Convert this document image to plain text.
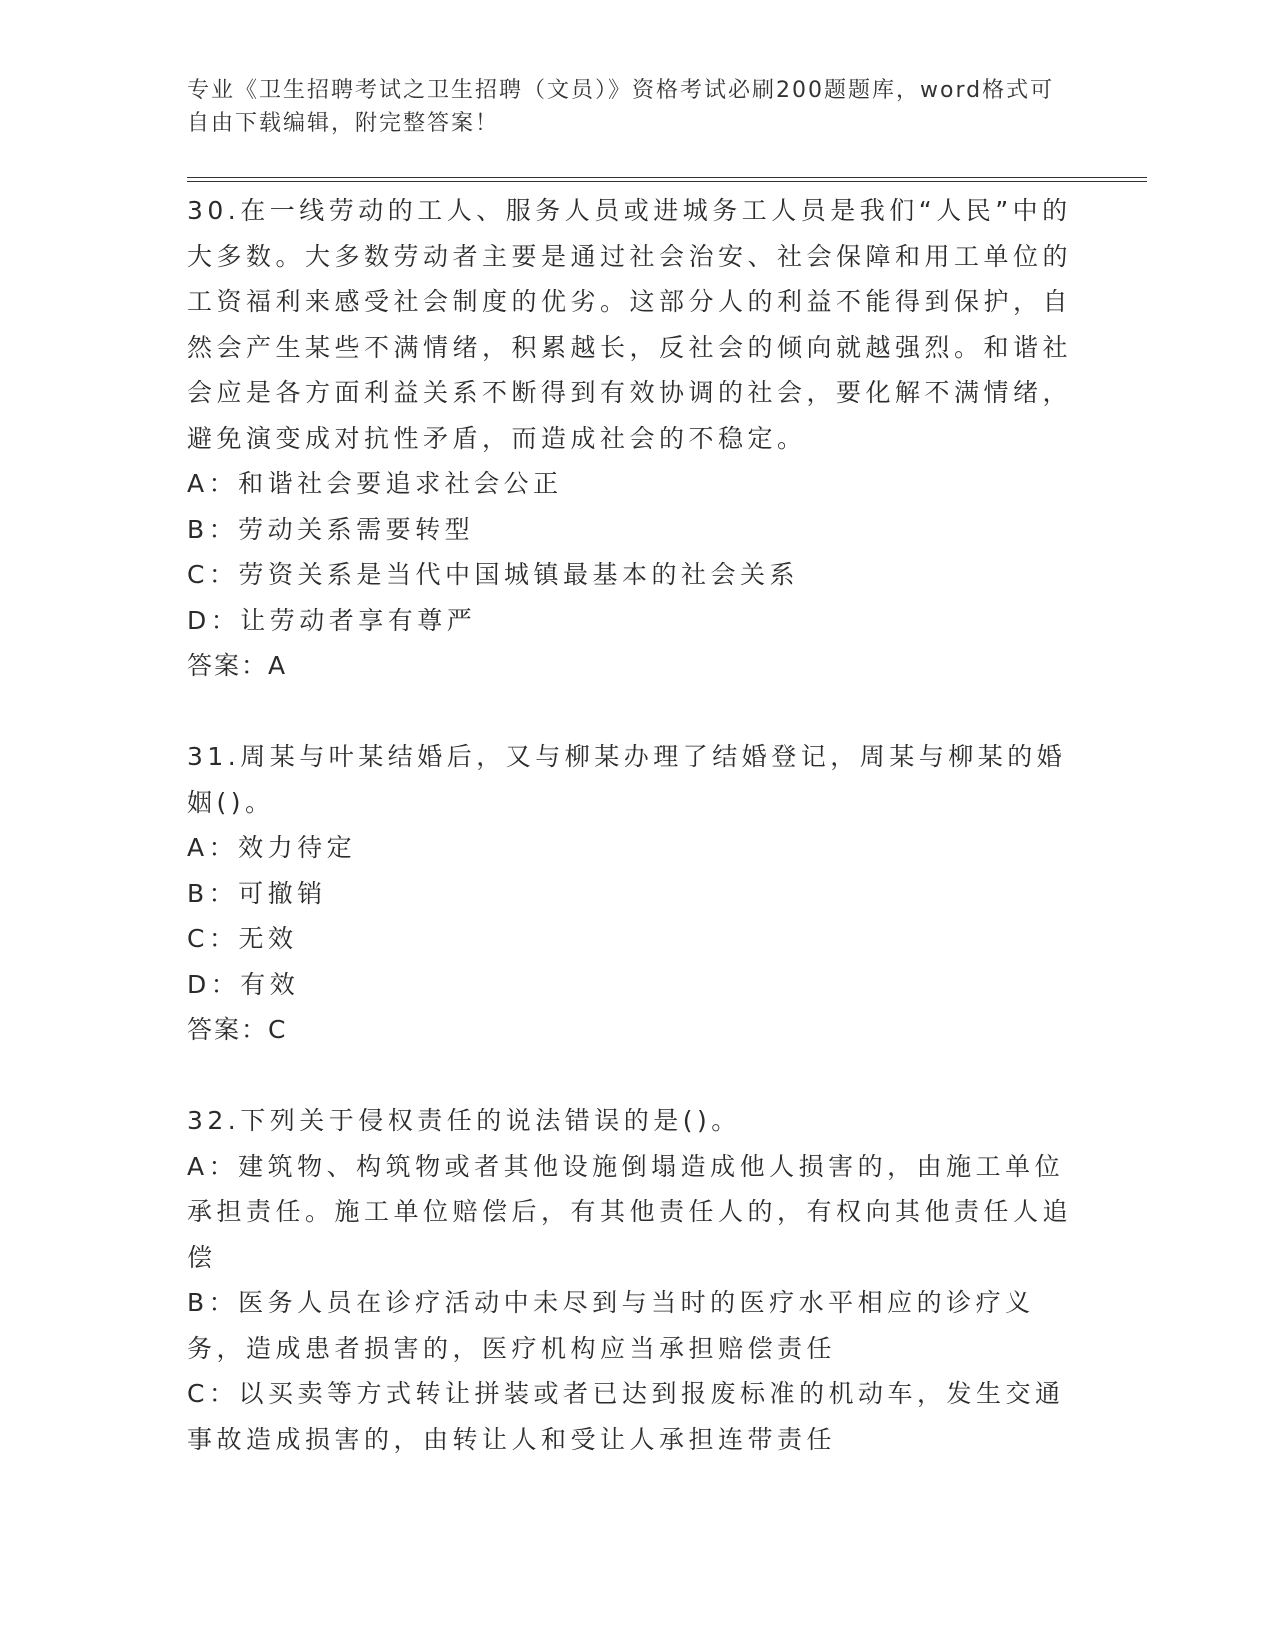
专业《卫生招聘考试之卫生招聘（文员）》资格考试必刷200题题库，word格式可自由下载编辑，附完整答案！

30.在一线劳动的工人、服务人员或进城务工人员是我们“人民”中的大多数。大多数劳动者主要是通过社会治安、社会保障和用工单位的工资福利来感受社会制度的优劣。这部分人的利益不能得到保护，自然会产生某些不满情绪，积累越长，反社会的倾向就越强烈。和谐社会应是各方面利益关系不断得到有效协调的社会，要化解不满情绪，避免演变成对抗性矛盾，而造成社会的不稳定。

A：和谐社会要追求社会公正

B：劳动关系需要转型

C：劳资关系是当代中国城镇最基本的社会关系

D：让劳动者享有尊严

答案：A

31.周某与叶某结婚后，又与柳某办理了结婚登记，周某与柳某的婚姻()。

A：效力待定

B：可撤销

C：无效

D：有效

答案：C

32.下列关于侵权责任的说法错误的是()。

A：建筑物、构筑物或者其他设施倒塌造成他人损害的，由施工单位承担责任。施工单位赔偿后，有其他责任人的，有权向其他责任人追偿

B：医务人员在诊疗活动中未尽到与当时的医疗水平相应的诊疗义务，造成患者损害的，医疗机构应当承担赔偿责任

C：以买卖等方式转让拼装或者已达到报废标准的机动车，发生交通事故造成损害的，由转让人和受让人承担连带责任
